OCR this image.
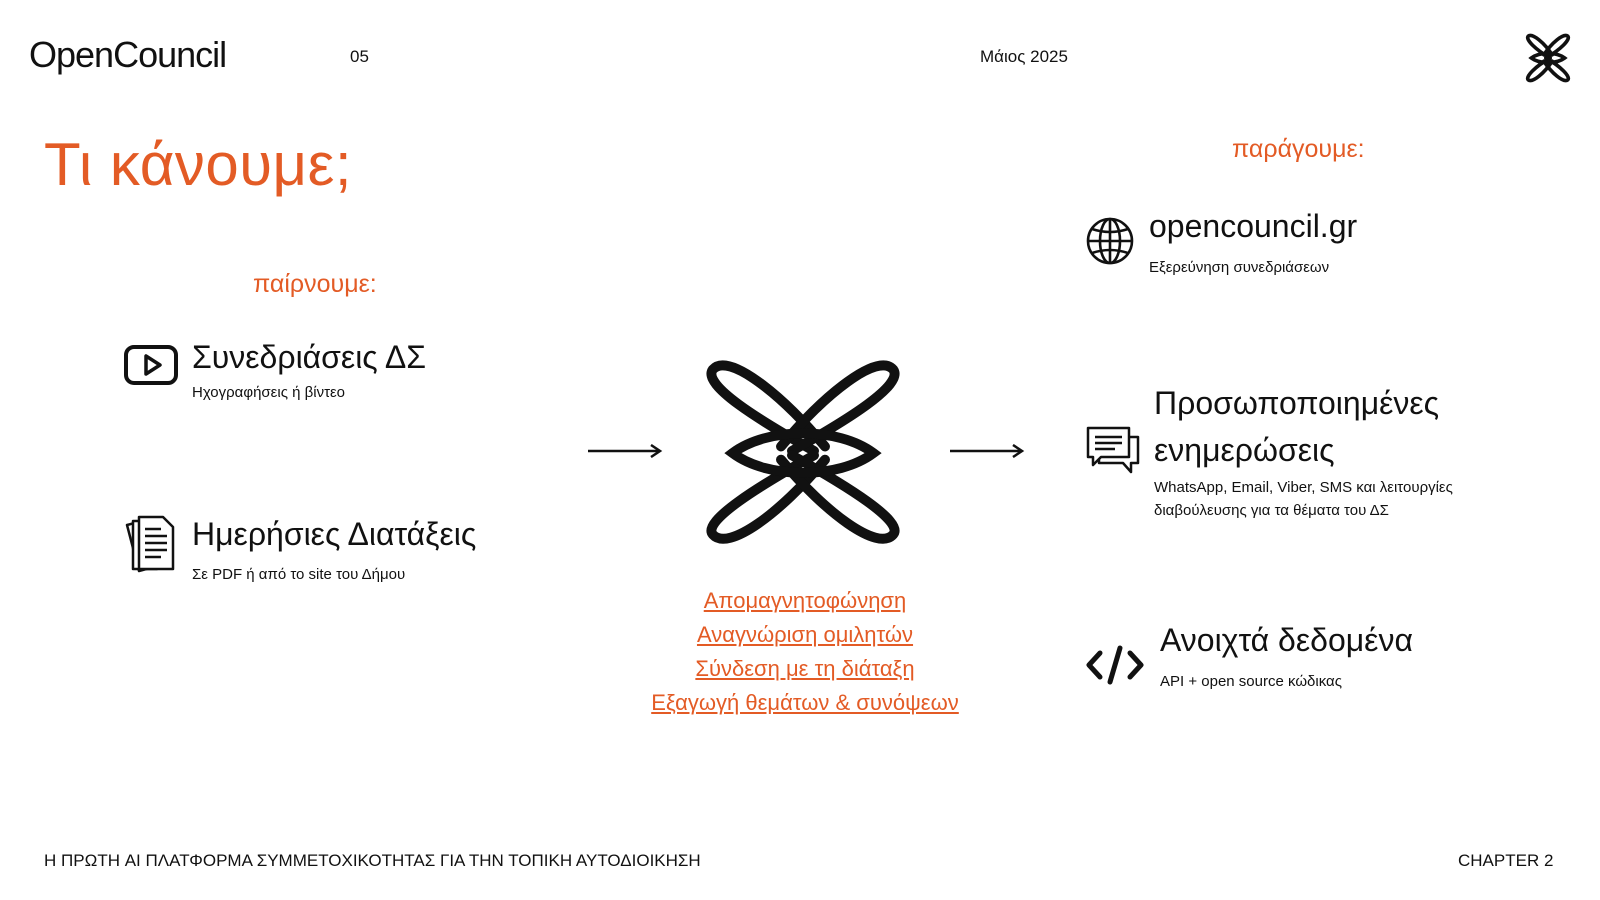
OpenCouncil	05	Μάιος 2025
Τι κάνουμε;
παίρνουμε:
Συνεδριάσεις ΔΣ
Ηχογραφήσεις ή βίντεο
Ημερήσιες Διατάξεις
Σε PDF ή από το site του Δήμου
Απομαγνητοφώνηση
Αναγνώριση ομιλητών
Σύνδεση με τη διάταξη
Εξαγωγή θεμάτων & συνόψεων
παράγουμε:
opencouncil.gr
Εξερεύνηση συνεδριάσεων
Προσωποποιημένες
ενημερώσεις
WhatsApp, Email, Viber, SMS και λειτουργίες
διαβούλευσης για τα θέματα του ΔΣ
Ανοιχτά δεδομένα
API + open source κώδικας
Η ΠΡΩΤΗ AI ΠΛΑΤΦΟΡΜΑ ΣΥΜΜΕΤΟΧΙΚΟΤΗΤΑΣ ΓΙΑ ΤΗΝ ΤΟΠΙΚΗ ΑΥΤΟΔΙΟΙΚΗΣΗ	CHAPTER 2
